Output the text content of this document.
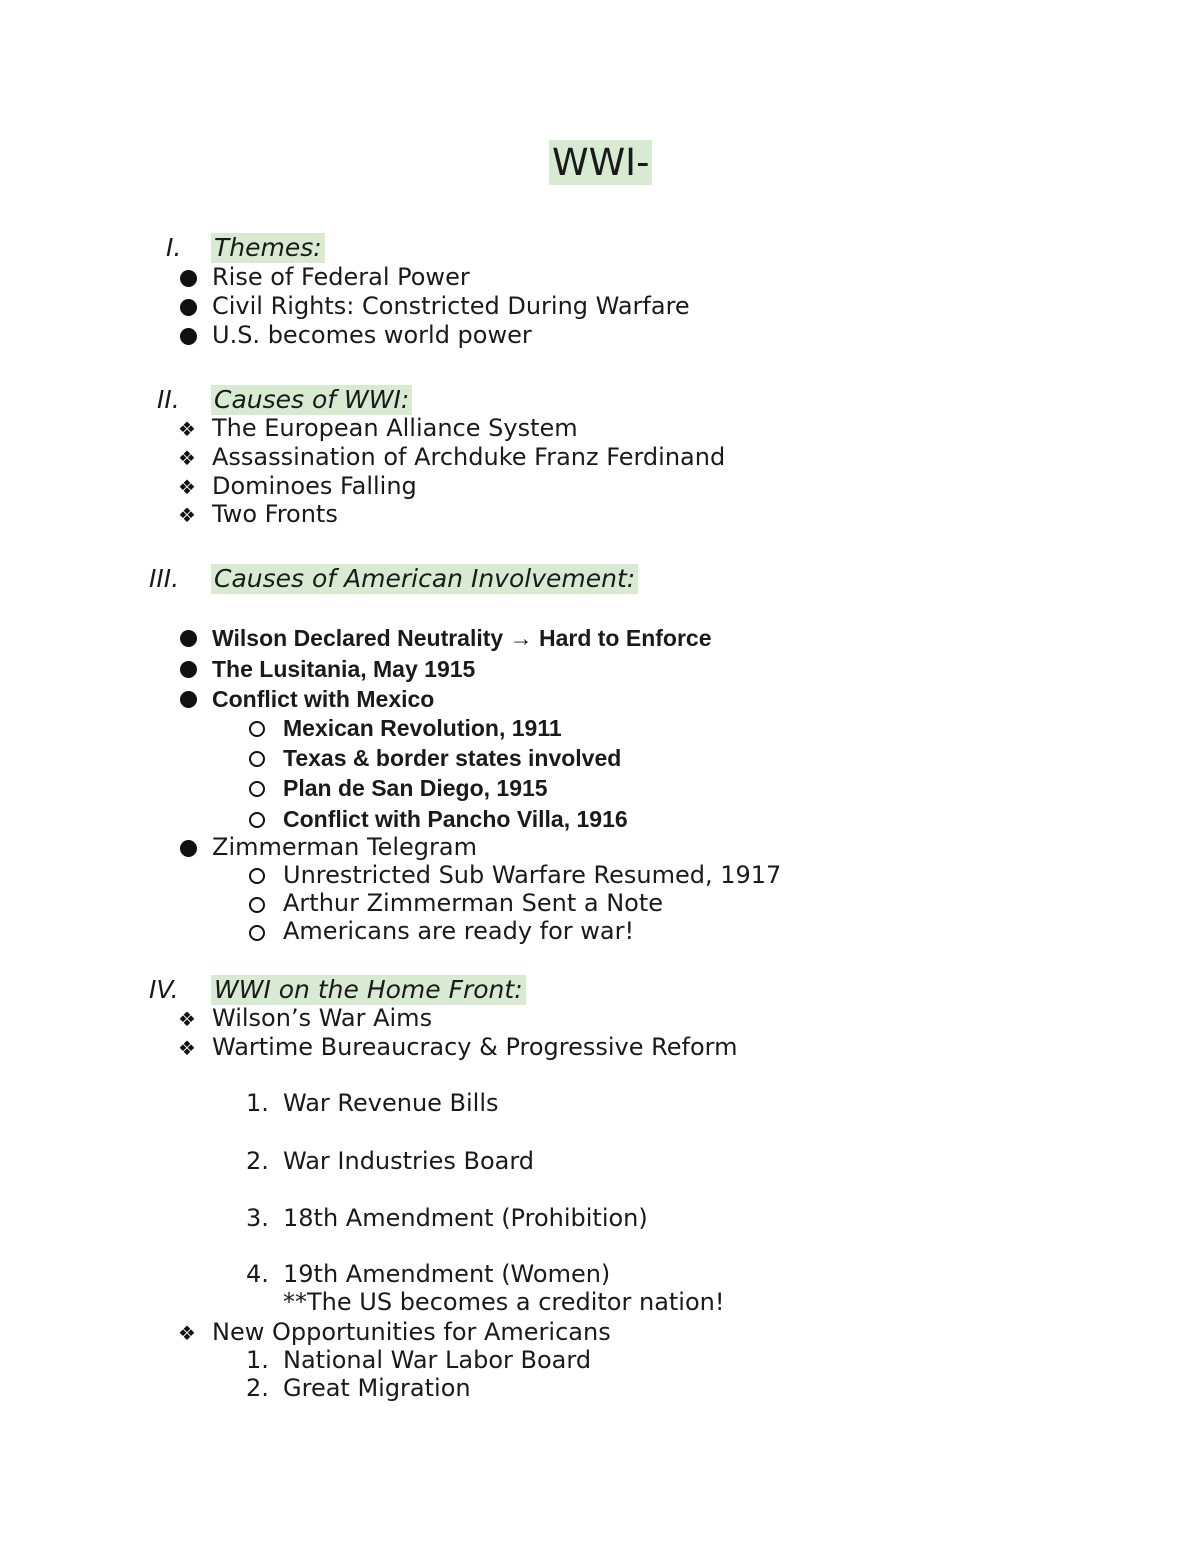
WWI-
I. Themes:
Rise of Federal Power
Civil Rights: Constricted During Warfare
U.S. becomes world power
II. Causes of WWI:
❖ The European Alliance System
❖ Assassination of Archduke Franz Ferdinand
❖ Dominoes Falling
❖ Two Fronts
III. Causes of American Involvement:
Wilson Declared Neutrality → Hard to Enforce
The Lusitania, May 1915
Conflict with Mexico
Mexican Revolution, 1911
Texas & border states involved
Plan de San Diego, 1915
Conflict with Pancho Villa, 1916
Zimmerman Telegram
Unrestricted Sub Warfare Resumed, 1917
Arthur Zimmerman Sent a Note
Americans are ready for war!
IV. WWI on the Home Front:
❖ Wilson’s War Aims
❖ Wartime Bureaucracy & Progressive Reform
1. War Revenue Bills
2. War Industries Board
3. 18th Amendment (Prohibition)
4. 19th Amendment (Women)
**The US becomes a creditor nation!
❖ New Opportunities for Americans
1. National War Labor Board
2. Great Migration
